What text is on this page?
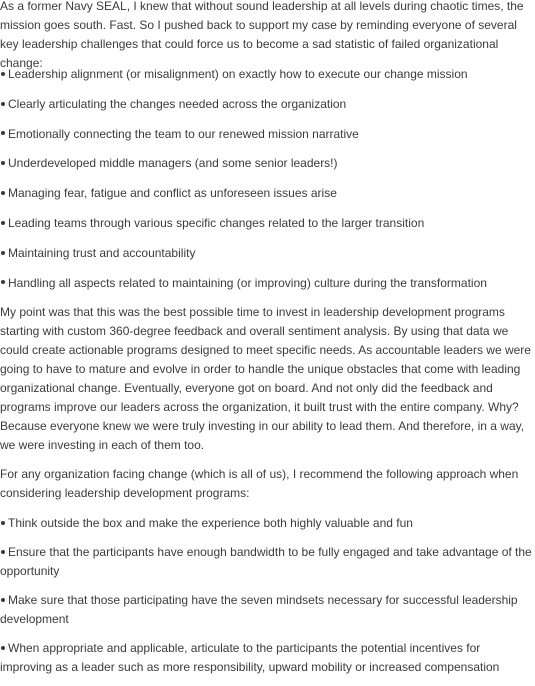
As a former Navy SEAL, I knew that without sound leadership at all levels during chaotic times, the mission goes south. Fast. So I pushed back to support my case by reminding everyone of several key leadership challenges that could force us to become a sad statistic of failed organizational change:

Leadership alignment (or misalignment) on exactly how to execute our change mission

Clearly articulating the changes needed across the organization

Emotionally connecting the team to our renewed mission narrative

Underdeveloped middle managers (and some senior leaders!)

Managing fear, fatigue and conflict as unforeseen issues arise

Leading teams through various specific changes related to the larger transition

Maintaining trust and accountability

Handling all aspects related to maintaining (or improving) culture during the transformation

My point was that this was the best possible time to invest in leadership development programs starting with custom 360-degree feedback and overall sentiment analysis. By using that data we could create actionable programs designed to meet specific needs. As accountable leaders we were going to have to mature and evolve in order to handle the unique obstacles that come with leading organizational change. Eventually, everyone got on board. And not only did the feedback and programs improve our leaders across the organization, it built trust with the entire company. Why? Because everyone knew we were truly investing in our ability to lead them. And therefore, in a way, we were investing in each of them too.

For any organization facing change (which is all of us), I recommend the following approach when considering leadership development programs:

Think outside the box and make the experience both highly valuable and fun

Ensure that the participants have enough bandwidth to be fully engaged and take advantage of the opportunity

Make sure that those participating have the seven mindsets necessary for successful leadership development

When appropriate and applicable, articulate to the participants the potential incentives for improving as a leader such as more responsibility, upward mobility or increased compensation
